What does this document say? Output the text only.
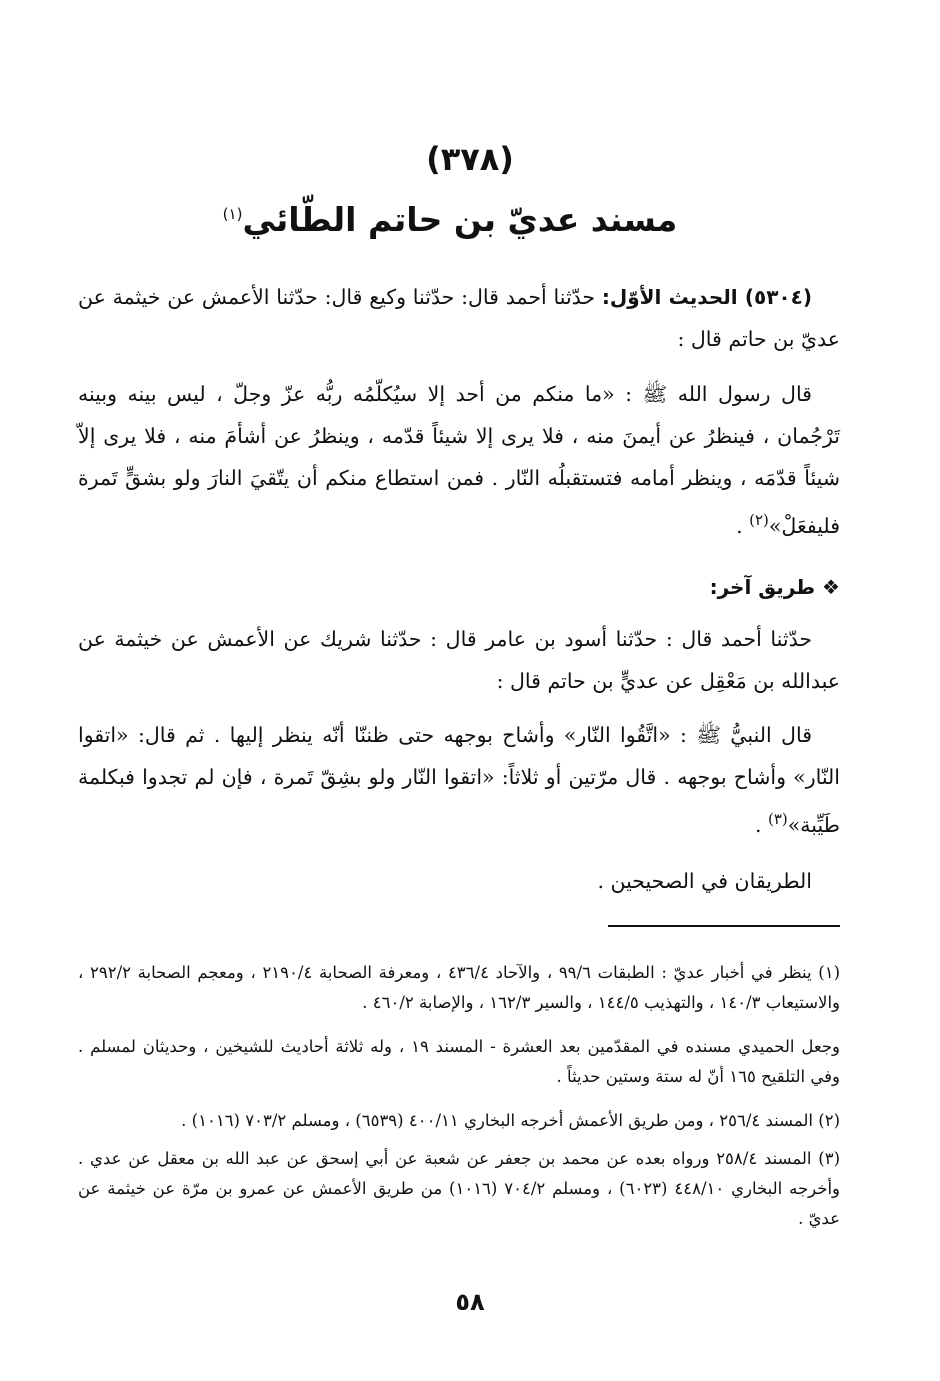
(٣٧٨)
مسند عديّ بن حاتم الطّائي$^{(١)}$
(٥٣٠٤) الحديث الأوّل: حدّثنا أحمد قال: حدّثنا وكيع قال: حدّثنا الأعمش عن خيثمة عن عديّ بن حاتم قال :
قال رسول الله ﷺ : «ما منكم من أحد إلا سيُكلّمُه ربُّه عزّ وجلّ ، ليس بينه وبينه تَرْجُمان ، فينظرُ عن أيمنَ منه ، فلا يرى إلا شيئاً قدّمه ، وينظرُ عن أشأمَ منه ، فلا يرى إلاّ شيئاً قدّمَه ، وينظر أمامه فتستقبلُه النّار . فمن استطاع منكم أن يتّقيَ النارَ ولو بشقٍّ تَمرة فليفعَلْ»$^{(٢)}$ .
❖ طريق آخر:
حدّثنا أحمد قال : حدّثنا أسود بن عامر قال : حدّثنا شريك عن الأعمش عن خيثمة عن عبدالله بن مَعْقِل عن عديٍّ بن حاتم قال :
قال النبيُّ ﷺ : «اتَّقُوا النّار» وأشاح بوجهه حتى ظننّا أنّه ينظر إليها . ثم قال: «اتقوا النّار» وأشاح بوجهه . قال مرّتين أو ثلاثاً: «اتقوا النّار ولو بشِقّ تَمرة ، فإن لم تجدوا فبكلمة طَيِّبة»$^{(٣)}$ .
الطريقان في الصحيحين .
(١) ينظر في أخبار عديّ : الطبقات ٩٩/٦ ، والآحاد ٤٣٦/٤ ، ومعرفة الصحابة ٢١٩٠/٤ ، ومعجم الصحابة ٢٩٢/٢ ، والاستيعاب ١٤٠/٣ ، والتهذيب ١٤٤/٥ ، والسير ١٦٢/٣ ، والإصابة ٤٦٠/٢ .
وجعل الحميدي مسنده في المقدّمين بعد العشرة - المسند ١٩ ، وله ثلاثة أحاديث للشيخين ، وحديثان لمسلم . وفي التلقيح ١٦٥ أنّ له ستة وستين حديثاً .
(٢) المسند ٢٥٦/٤ ، ومن طريق الأعمش أخرجه البخاري ٤٠٠/١١ (٦٥٣٩) ، ومسلم ٧٠٣/٢ (١٠١٦) .
(٣) المسند ٢٥٨/٤ ورواه بعده عن محمد بن جعفر عن شعبة عن أبي إسحق عن عبد الله بن معقل عن عدي . وأخرجه البخاري ٤٤٨/١٠ (٦٠٢٣) ، ومسلم ٧٠٤/٢ (١٠١٦) من طريق الأعمش عن عمرو بن مرّة عن خيثمة عن عديّ .
٥٨
